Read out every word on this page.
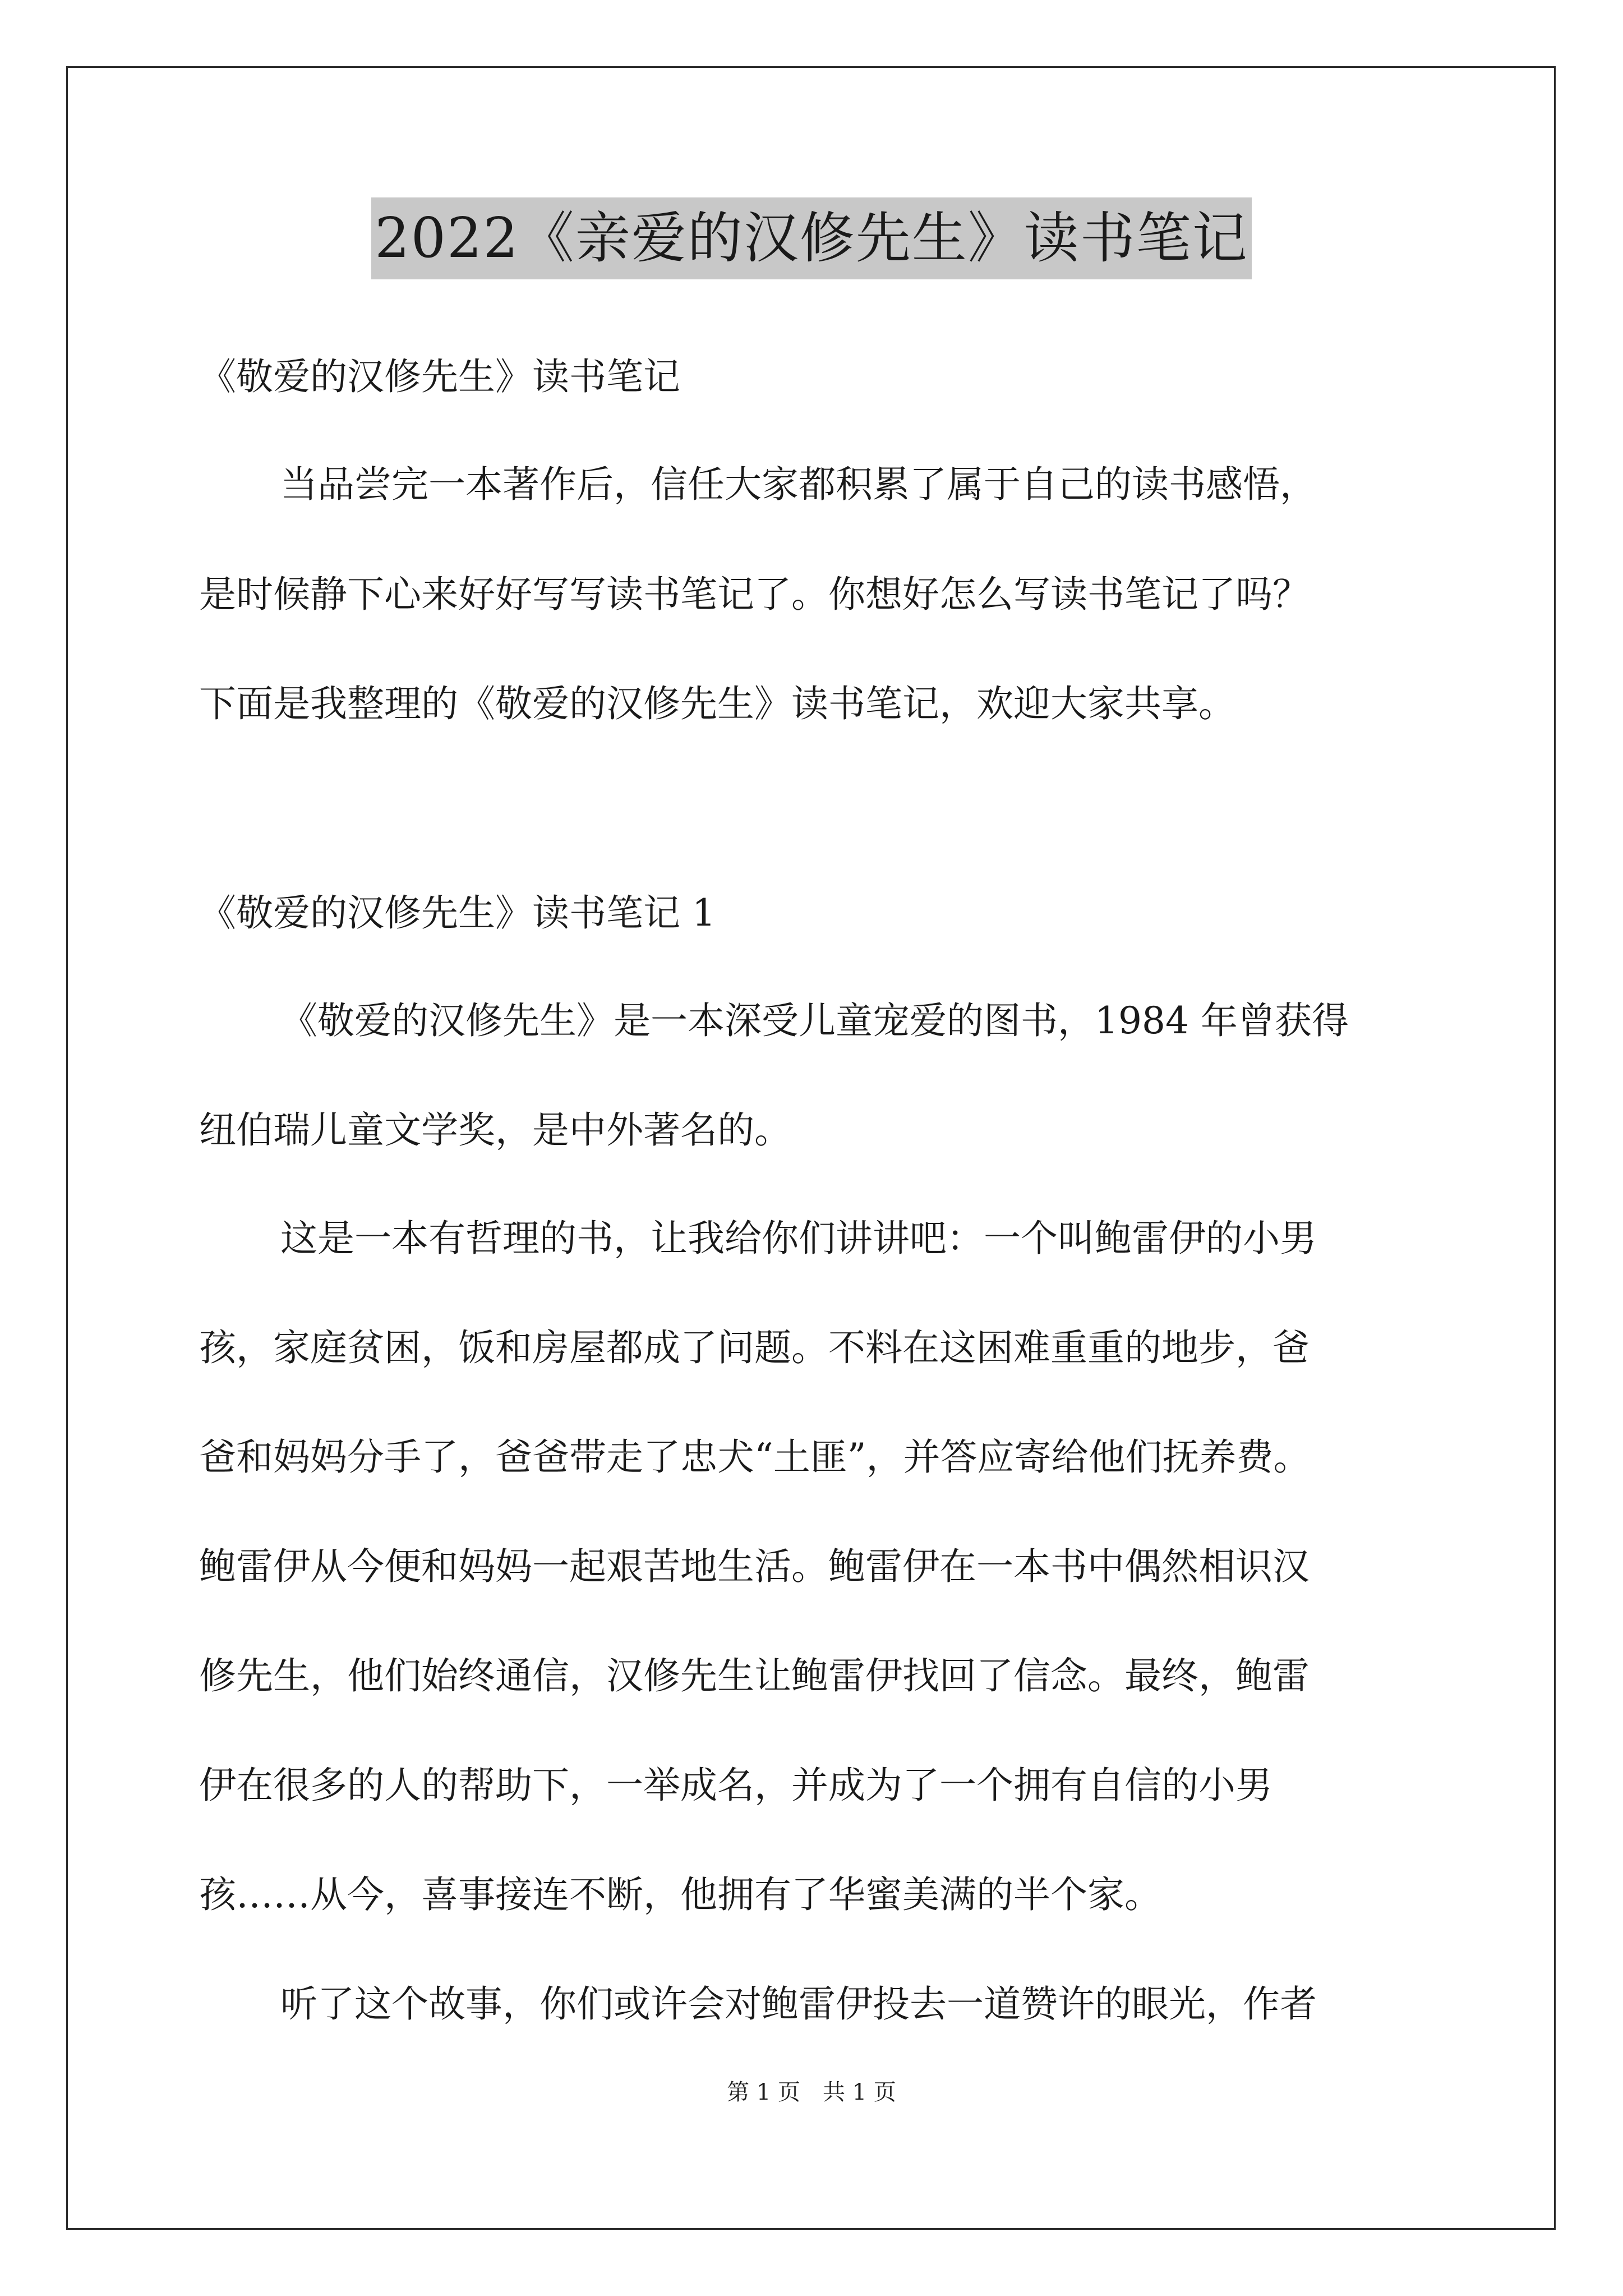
2022《亲爱的汉修先生》读书笔记
《敬爱的汉修先生》读书笔记
当品尝完一本著作后，信任大家都积累了属于自己的读书感悟，
是时候静下心来好好写写读书笔记了。你想好怎么写读书笔记了吗？
下面是我整理的《敬爱的汉修先生》读书笔记，欢迎大家共享。
《敬爱的汉修先生》读书笔记 1
《敬爱的汉修先生》是一本深受儿童宠爱的图书，1984 年曾获得
纽伯瑞儿童文学奖，是中外著名的。
这是一本有哲理的书，让我给你们讲讲吧：一个叫鲍雷伊的小男
孩，家庭贫困，饭和房屋都成了问题。不料在这困难重重的地步，爸
爸和妈妈分手了，爸爸带走了忠犬“土匪”，并答应寄给他们抚养费。
鲍雷伊从今便和妈妈一起艰苦地生活。鲍雷伊在一本书中偶然相识汉
修先生，他们始终通信，汉修先生让鲍雷伊找回了信念。最终，鲍雷
伊在很多的人的帮助下，一举成名，并成为了一个拥有自信的小男
孩……从今，喜事接连不断，他拥有了华蜜美满的半个家。
听了这个故事，你们或许会对鲍雷伊投去一道赞许的眼光，作者
第 1 页　共 1 页
